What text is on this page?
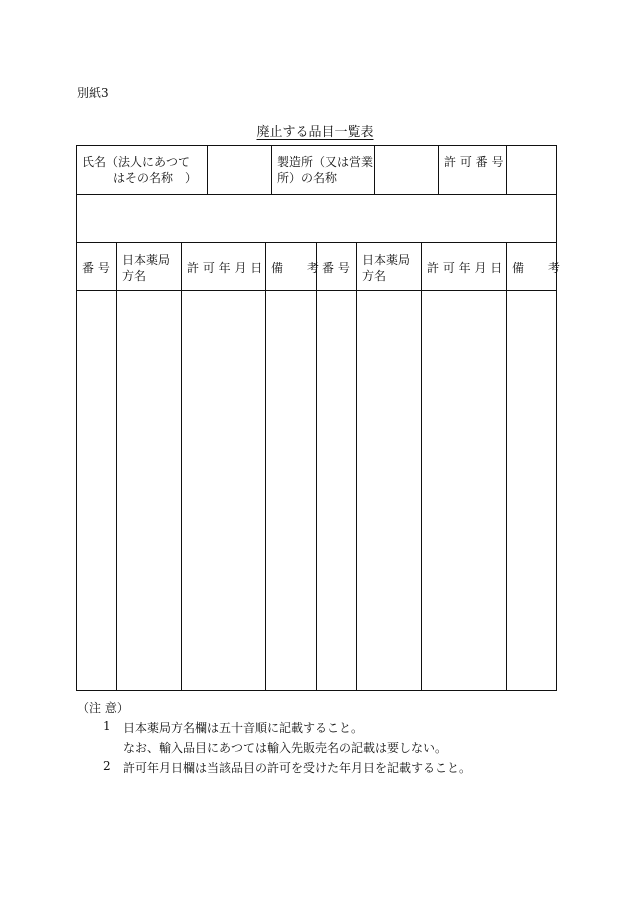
別紙3
廃止する品目一覧表
氏名（法人にあつて
はその名称　）
製造所（又は営業
所）の名称
許 可 番 号
番 号
日本薬局
方名
許 可 年 月 日 備　　考 番 号
日本薬局
方名
許 可 年 月 日 備　　考
（注 意）
1 日本薬局方名欄は五十音順に記載すること。
なお、輸入品目にあつては輸入先販売名の記載は要しない。
2 許可年月日欄は当該品目の許可を受けた年月日を記載すること。
